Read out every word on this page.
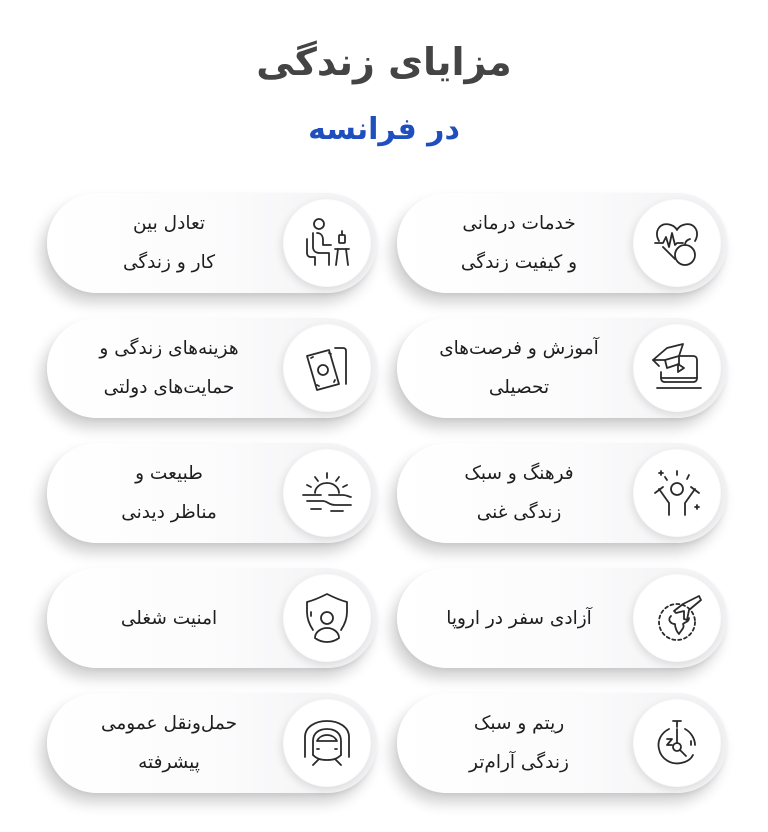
مزایای زندگی
در فرانسه
خدمات درمانی
و کیفیت زندگی
تعادل بین
کار و زندگی
آموزش و فرصت‌های
تحصیلی
هزینه‌های زندگی و
حمایت‌های دولتی
فرهنگ و سبک
زندگی غنی
طبیعت و
مناظر دیدنی
آزادی سفر در اروپا
امنیت شغلی
ریتم و سبک
زندگی آرام‌تر
حمل‌ونقل عمومی
پیشرفته
